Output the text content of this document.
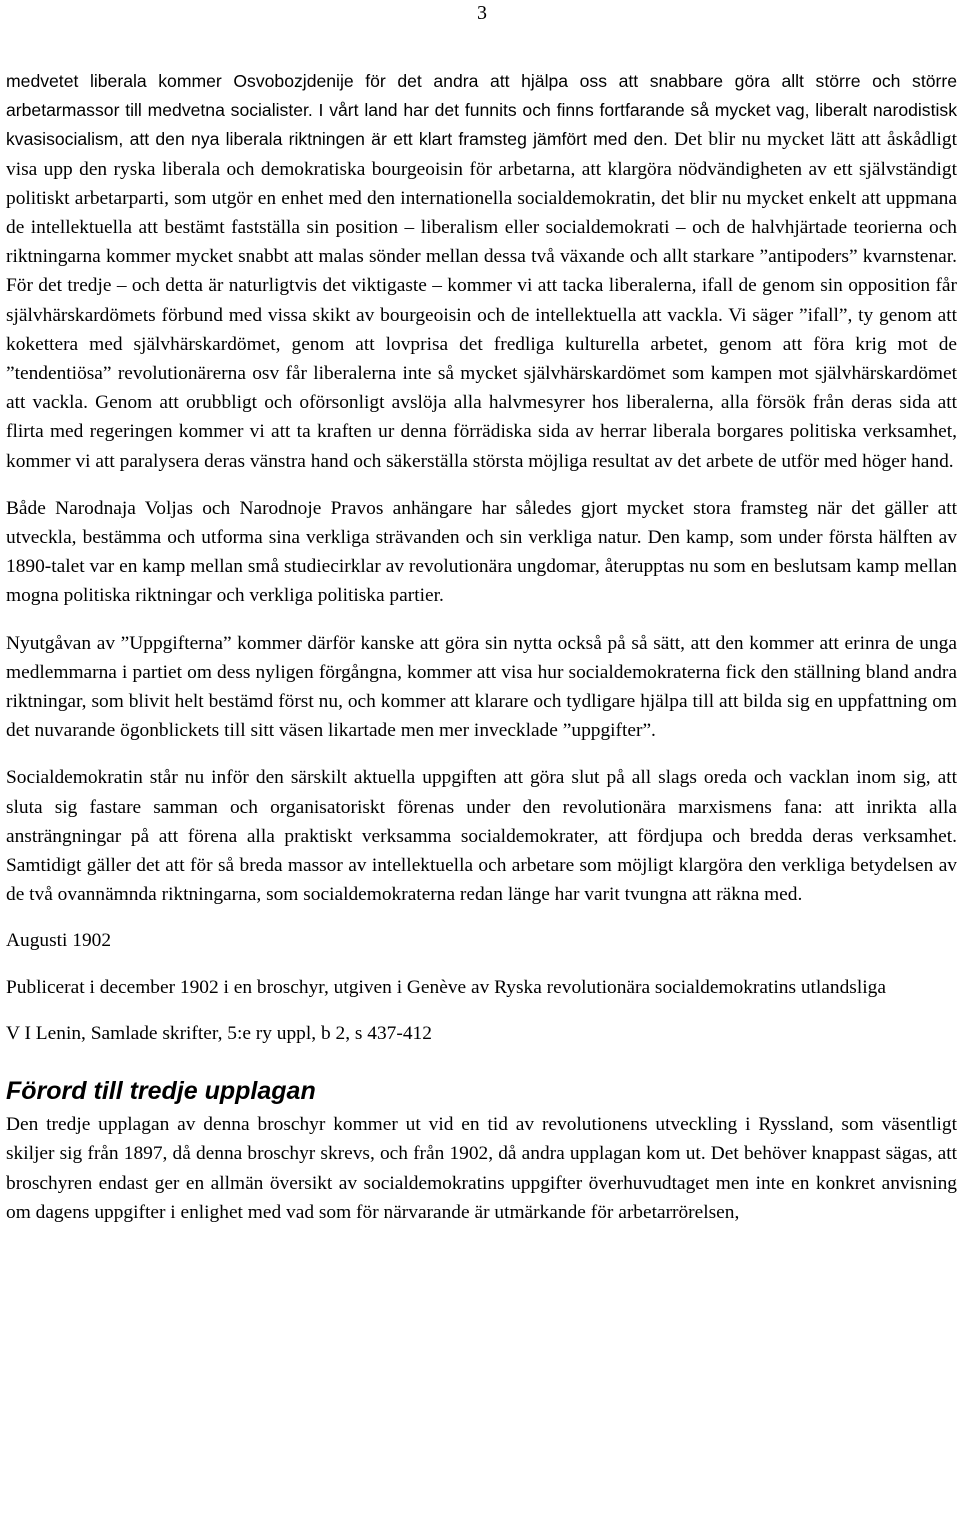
3

medvetet liberala kommer Osvobozjdenije för det andra att hjälpa oss att snabbare göra allt större och större arbetarmassor till medvetna socialister. I vårt land har det funnits och finns fortfarande så mycket vag, liberalt narodistisk kvasisocialism, att den nya liberala riktningen är ett klart framsteg jämfört med den. Det blir nu mycket lätt att åskådligt visa upp den ryska liberala och demokratiska bourgeoisin för arbetarna, att klargöra nödvändigheten av ett självständigt politiskt arbetarparti, som utgör en enhet med den internationella socialdemokratin, det blir nu mycket enkelt att uppmana de intellektuella att bestämt fastställa sin position – liberalism eller socialdemokrati – och de halvhjärtade teorierna och riktningarna kommer mycket snabbt att malas sönder mellan dessa två växande och allt starkare ”antipoders” kvarnstenar. För det tredje – och detta är naturligtvis det viktigaste – kommer vi att tacka liberalerna, ifall de genom sin opposition får självhärskardömets förbund med vissa skikt av bourgeoisin och de intellektuella att vackla. Vi säger ”ifall”, ty genom att kokettera med självhärskardömet, genom att lovprisa det fredliga kulturella arbetet, genom att föra krig mot de ”tendentiösa” revolutionärerna osv får liberalerna inte så mycket självhärskardömet som kampen mot självhärskardömet att vackla. Genom att orubbligt och oförsonligt avslöja alla halvmesyrer hos liberalerna, alla försök från deras sida att flirta med regeringen kommer vi att ta kraften ur denna förrädiska sida av herrar liberala borgares politiska verksamhet, kommer vi att paralysera deras vänstra hand och säkerställa största möjliga resultat av det arbete de utför med höger hand.

Både Narodnaja Voljas och Narodnoje Pravos anhängare har således gjort mycket stora framsteg när det gäller att utveckla, bestämma och utforma sina verkliga strävanden och sin verkliga natur. Den kamp, som under första hälften av 1890-talet var en kamp mellan små studiecirklar av revolutionära ungdomar, återupptas nu som en beslutsam kamp mellan mogna politiska riktningar och verkliga politiska partier.

Nyutgåvan av ”Uppgifterna” kommer därför kanske att göra sin nytta också på så sätt, att den kommer att erinra de unga medlemmarna i partiet om dess nyligen förgångna, kommer att visa hur socialdemokraterna fick den ställning bland andra riktningar, som blivit helt bestämd först nu, och kommer att klarare och tydligare hjälpa till att bilda sig en uppfattning om det nuvarande ögonblickets till sitt väsen likartade men mer invecklade ”uppgifter”.

Socialdemokratin står nu inför den särskilt aktuella uppgiften att göra slut på all slags oreda och vacklan inom sig, att sluta sig fastare samman och organisatoriskt förenas under den revolutionära marxismens fana: att inrikta alla ansträngningar på att förena alla praktiskt verksamma socialdemokrater, att fördjupa och bredda deras verksamhet. Samtidigt gäller det att för så breda massor av intellektuella och arbetare som möjligt klargöra den verkliga betydelsen av de två ovannämnda riktningarna, som socialdemokraterna redan länge har varit tvungna att räkna med.

Augusti 1902

Publicerat i december 1902 i en broschyr, utgiven i Genève av Ryska revolutionära socialdemokratins utlandsliga

V I Lenin, Samlade skrifter, 5:e ry uppl, b 2, s 437-412

Förord till tredje upplagan

Den tredje upplagan av denna broschyr kommer ut vid en tid av revolutionens utveckling i Ryssland, som väsentligt skiljer sig från 1897, då denna broschyr skrevs, och från 1902, då andra upplagan kom ut. Det behöver knappast sägas, att broschyren endast ger en allmän översikt av socialdemokratins uppgifter överhuvudtaget men inte en konkret anvisning om dagens uppgifter i enlighet med vad som för närvarande är utmärkande för arbetarrörelsen,
